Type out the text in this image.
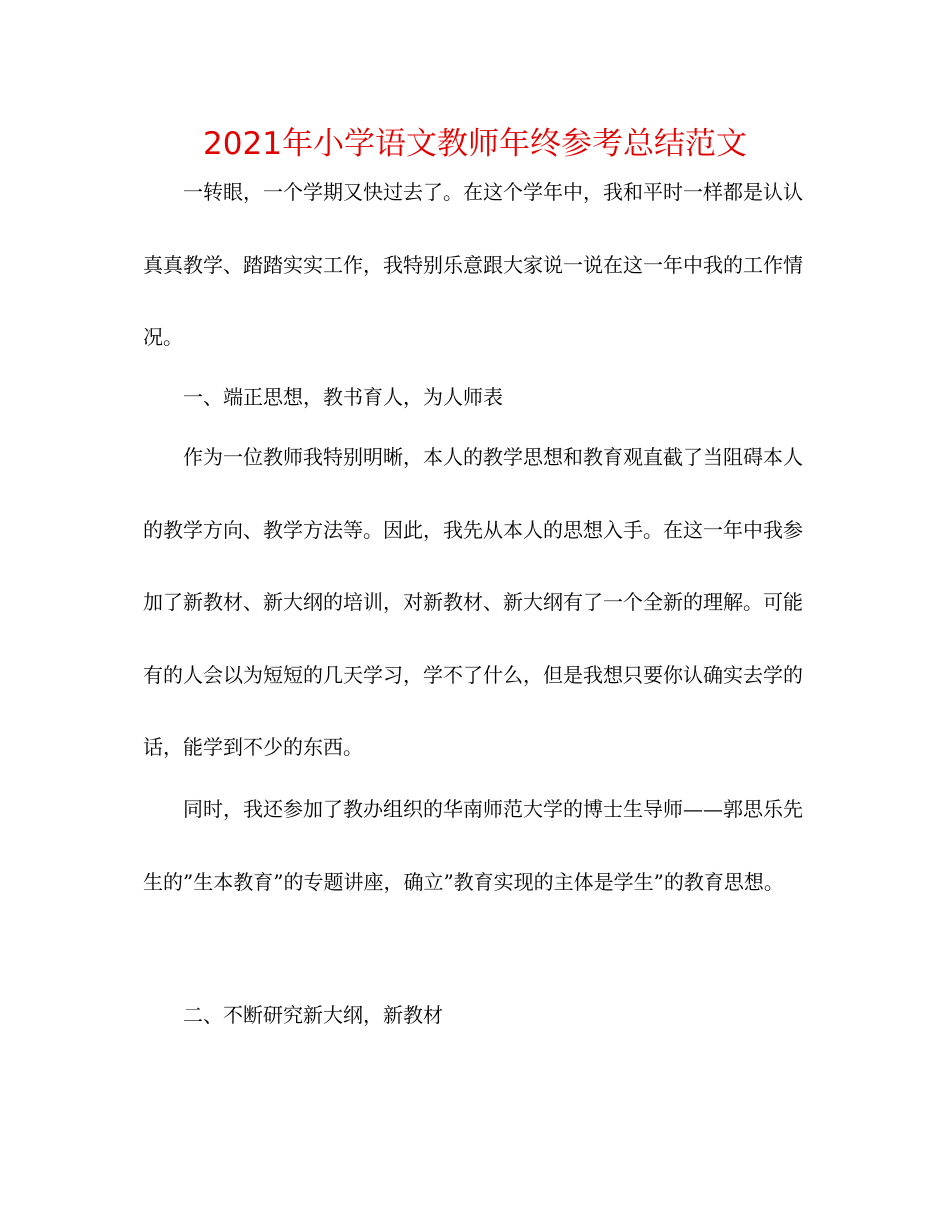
2021年小学语文教师年终参考总结范文

一转眼，一个学期又快过去了。在这个学年中，我和平时一样都是认认真真教学、踏踏实实工作，我特别乐意跟大家说一说在这一年中我的工作情况。

一、端正思想，教书育人，为人师表

作为一位教师我特别明晰，本人的教学思想和教育观直截了当阻碍本人的教学方向、教学方法等。因此，我先从本人的思想入手。在这一年中我参加了新教材、新大纲的培训，对新教材、新大纲有了一个全新的理解。可能有的人会以为短短的几天学习，学不了什么，但是我想只要你认确实去学的话，能学到不少的东西。

同时，我还参加了教办组织的华南师范大学的博士生导师——郭思乐先生的”生本教育”的专题讲座，确立”教育实现的主体是学生”的教育思想。

二、不断研究新大纲，新教材
